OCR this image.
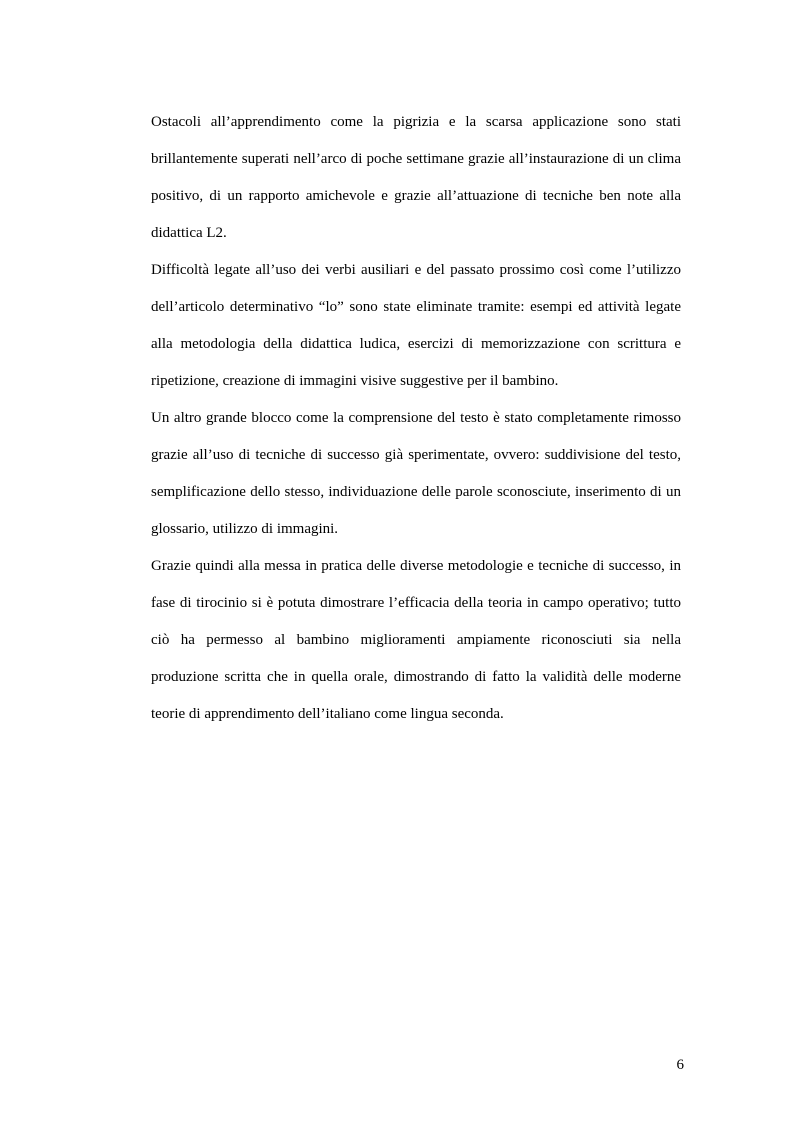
Ostacoli all’apprendimento come la pigrizia e la scarsa applicazione sono stati brillantemente superati nell’arco di poche settimane grazie all’instaurazione di un clima positivo, di un rapporto amichevole e grazie all’attuazione di tecniche ben note alla didattica L2.

Difficoltà legate all’uso dei verbi ausiliari e del passato prossimo così come l’utilizzo dell’articolo determinativo “lo” sono state eliminate tramite: esempi ed attività legate alla metodologia della didattica ludica, esercizi di memorizzazione con scrittura e ripetizione, creazione di immagini visive suggestive per il bambino.

Un altro grande blocco come la comprensione del testo è stato completamente rimosso grazie all’uso di tecniche di successo già sperimentate, ovvero: suddivisione del testo, semplificazione dello stesso, individuazione delle parole sconosciute, inserimento di un glossario, utilizzo di immagini.

Grazie quindi alla messa in pratica delle diverse metodologie e tecniche di successo, in fase di tirocinio si è potuta dimostrare l’efficacia della teoria in campo operativo; tutto ciò ha permesso al bambino miglioramenti ampiamente riconosciuti sia nella produzione scritta che in quella orale, dimostrando di fatto la validità delle moderne teorie di apprendimento dell’italiano come lingua seconda.

6
